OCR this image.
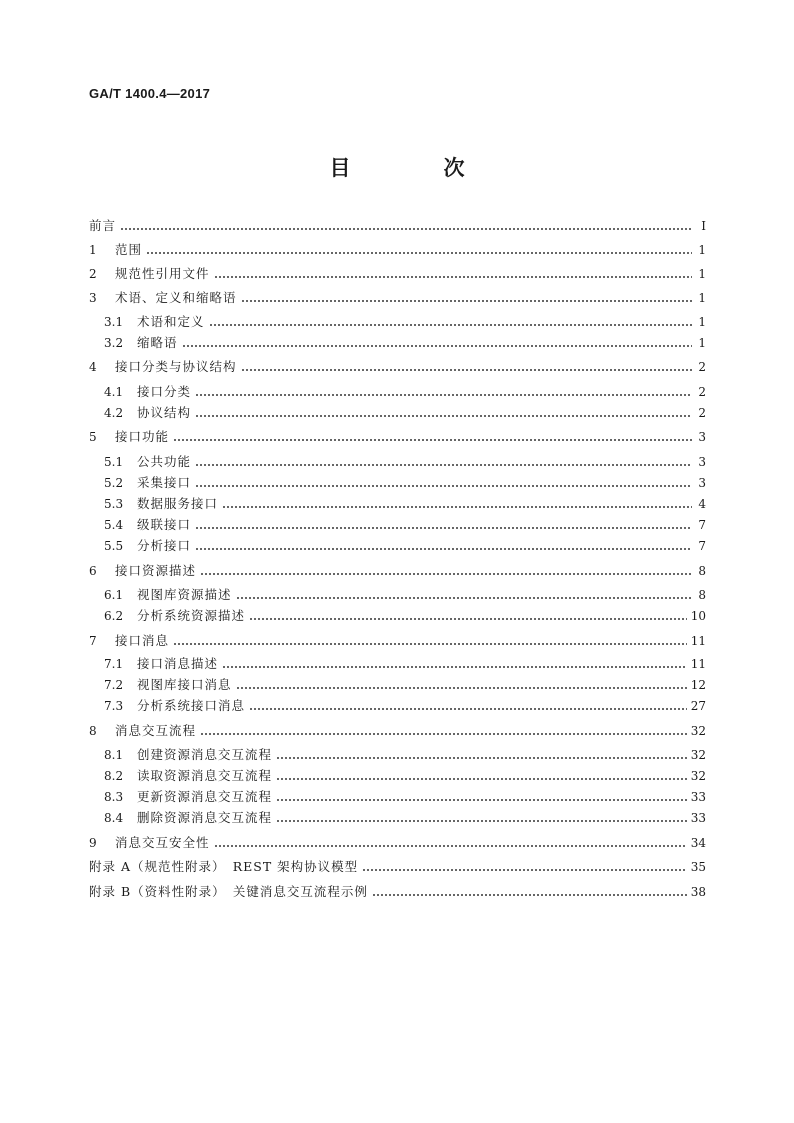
GA/T 1400.4—2017
目　次
前言	Ⅰ
1	范围	1
2	规范性引用文件	1
3	术语、定义和缩略语	1
3.1	术语和定义	1
3.2	缩略语	1
4	接口分类与协议结构	2
4.1	接口分类	2
4.2	协议结构	2
5	接口功能	3
5.1	公共功能	3
5.2	采集接口	3
5.3	数据服务接口	4
5.4	级联接口	7
5.5	分析接口	7
6	接口资源描述	8
6.1	视图库资源描述	8
6.2	分析系统资源描述	10
7	接口消息	11
7.1	接口消息描述	11
7.2	视图库接口消息	12
7.3	分析系统接口消息	27
8	消息交互流程	32
8.1	创建资源消息交互流程	32
8.2	读取资源消息交互流程	32
8.3	更新资源消息交互流程	33
8.4	删除资源消息交互流程	33
9	消息交互安全性	34
附录 A（规范性附录）　REST 架构协议模型	35
附录 B（资料性附录）　关键消息交互流程示例	38
